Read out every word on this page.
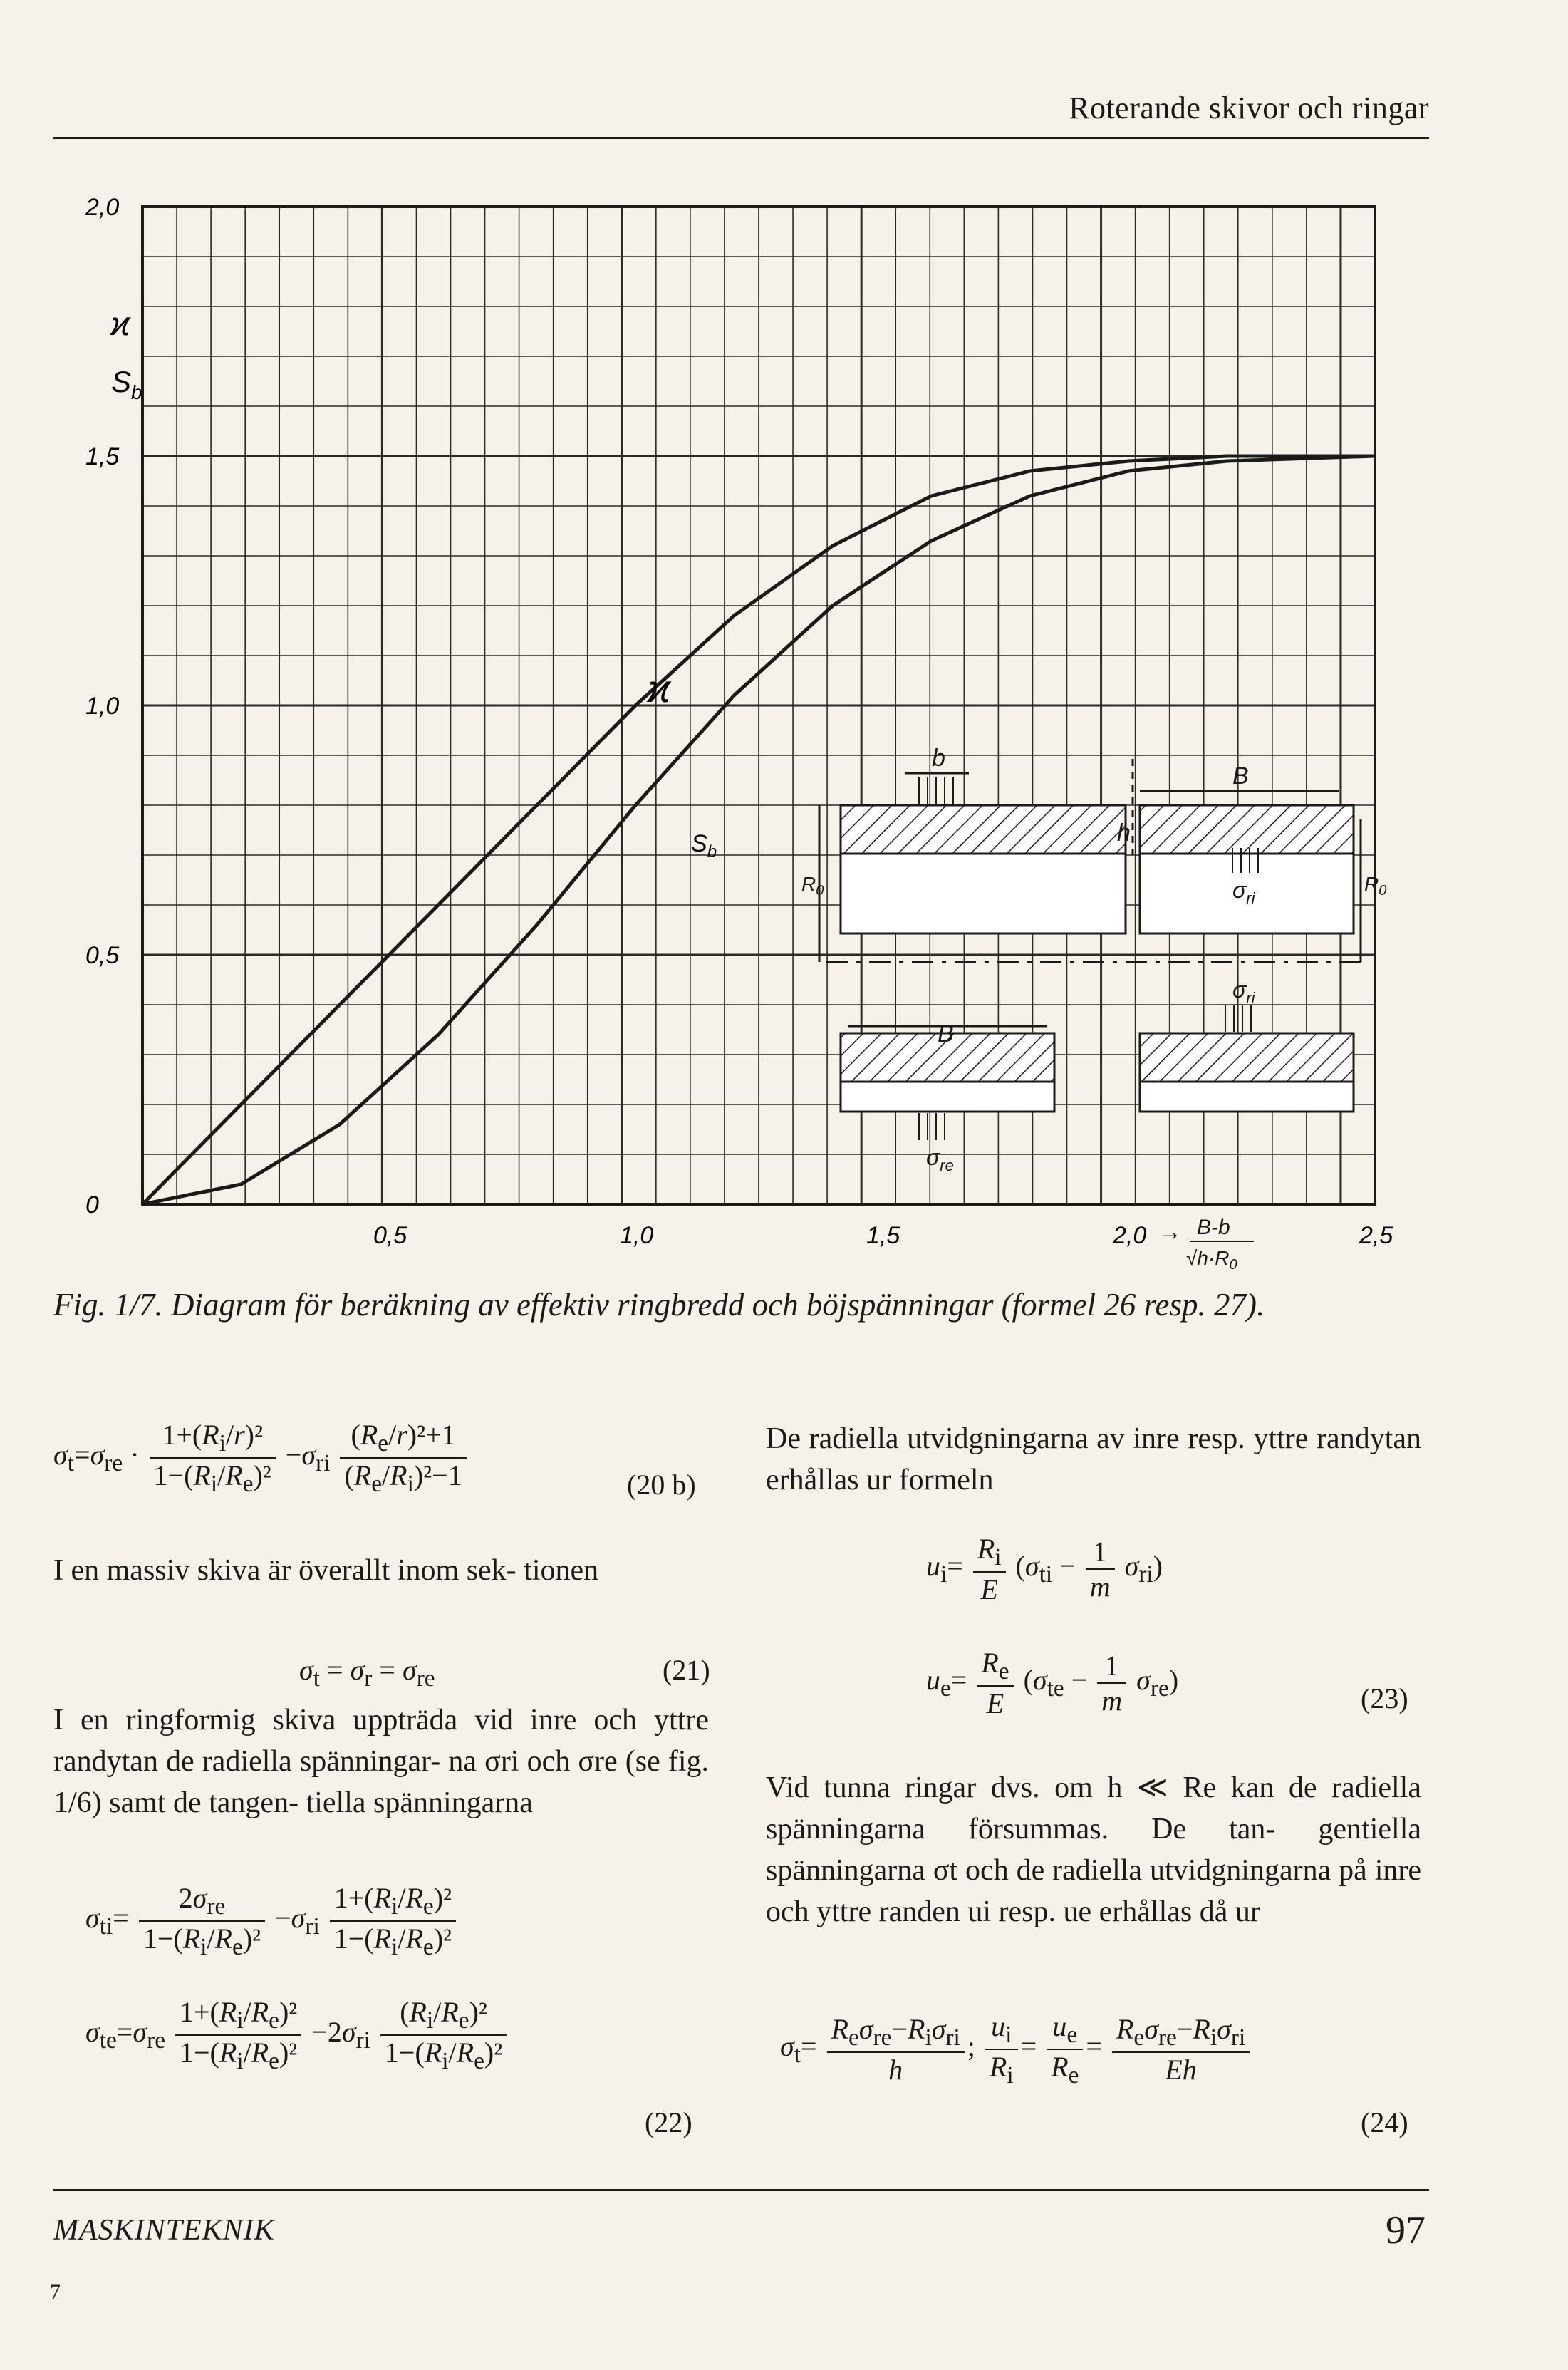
Roterande skivor och ringar
0,5	1,0	1,5	2,0	2,5
0
0,5
1,0
1,5
2,0
ϰ
$S_b$
ϰ
$S_b$
b
B
h
$R_0$	$R_0$
$\sigma_{ri}$
B
$\sigma_{ri}$
$\sigma_{re}$
→ B-b
$√h\cdot R_0$
Fig. 1/7. Diagram för beräkning av effektiv ringbredd och böjspänningar (formel 26 resp. 27).
$\sigma_t=\sigma_{re} \cdot \frac{1+(R_i/r)^2}{1-(R_i/R_e)^2} -\sigma_{ri} \frac{(R_e/r)^2+1}{(R_e/R_i)^2-1}$	(20 b)
I en massiv skiva är överallt inom sek- tionen
$\sigma_t = \sigma_r = \sigma_{re}$	(21)
I en ringformig skiva uppträda vid inre och yttre randytan de radiella spänningar- na σri och σre (se fig. 1/6) samt de tangen- tiella spänningarna
$\sigma_{ti}= \frac{2\sigma_{re}}{1-(R_i/R_e)^2} -\sigma_{ri} \frac{1+(R_i/R_e)^2}{1-(R_i/R_e)^2}$
$\sigma_{te}=\sigma_{re} \frac{1+(R_i/R_e)^2}{1-(R_i/R_e)^2} -2\sigma_{ri} \frac{(R_i/R_e)^2}{1-(R_i/R_e)^2}$
(22)
De radiella utvidgningarna av inre resp. yttre randytan erhållas ur formeln
$u_i= \frac{R_i}{E} (\sigma_{ti} - \frac{1}{m} \sigma_{ri})$
$u_e= \frac{R_e}{E} (\sigma_{te} - \frac{1}{m} \sigma_{re})$
(23)
Vid tunna ringar dvs. om h ≪ Re kan de radiella spänningarna försummas. De tan- gentiella spänningarna σt och de radiella utvidgningarna på inre och yttre randen ui resp. ue erhållas då ur
$\sigma_t= \frac{R_e\sigma_{re}-R_i\sigma_{ri}}{h}$ ; $\frac{u_i}{R_i} = \frac{u_e}{R_e} = \frac{R_e\sigma_{re}-R_i\sigma_{ri}}{Eh}$
(24)
MASKINTEKNIK	97
7
